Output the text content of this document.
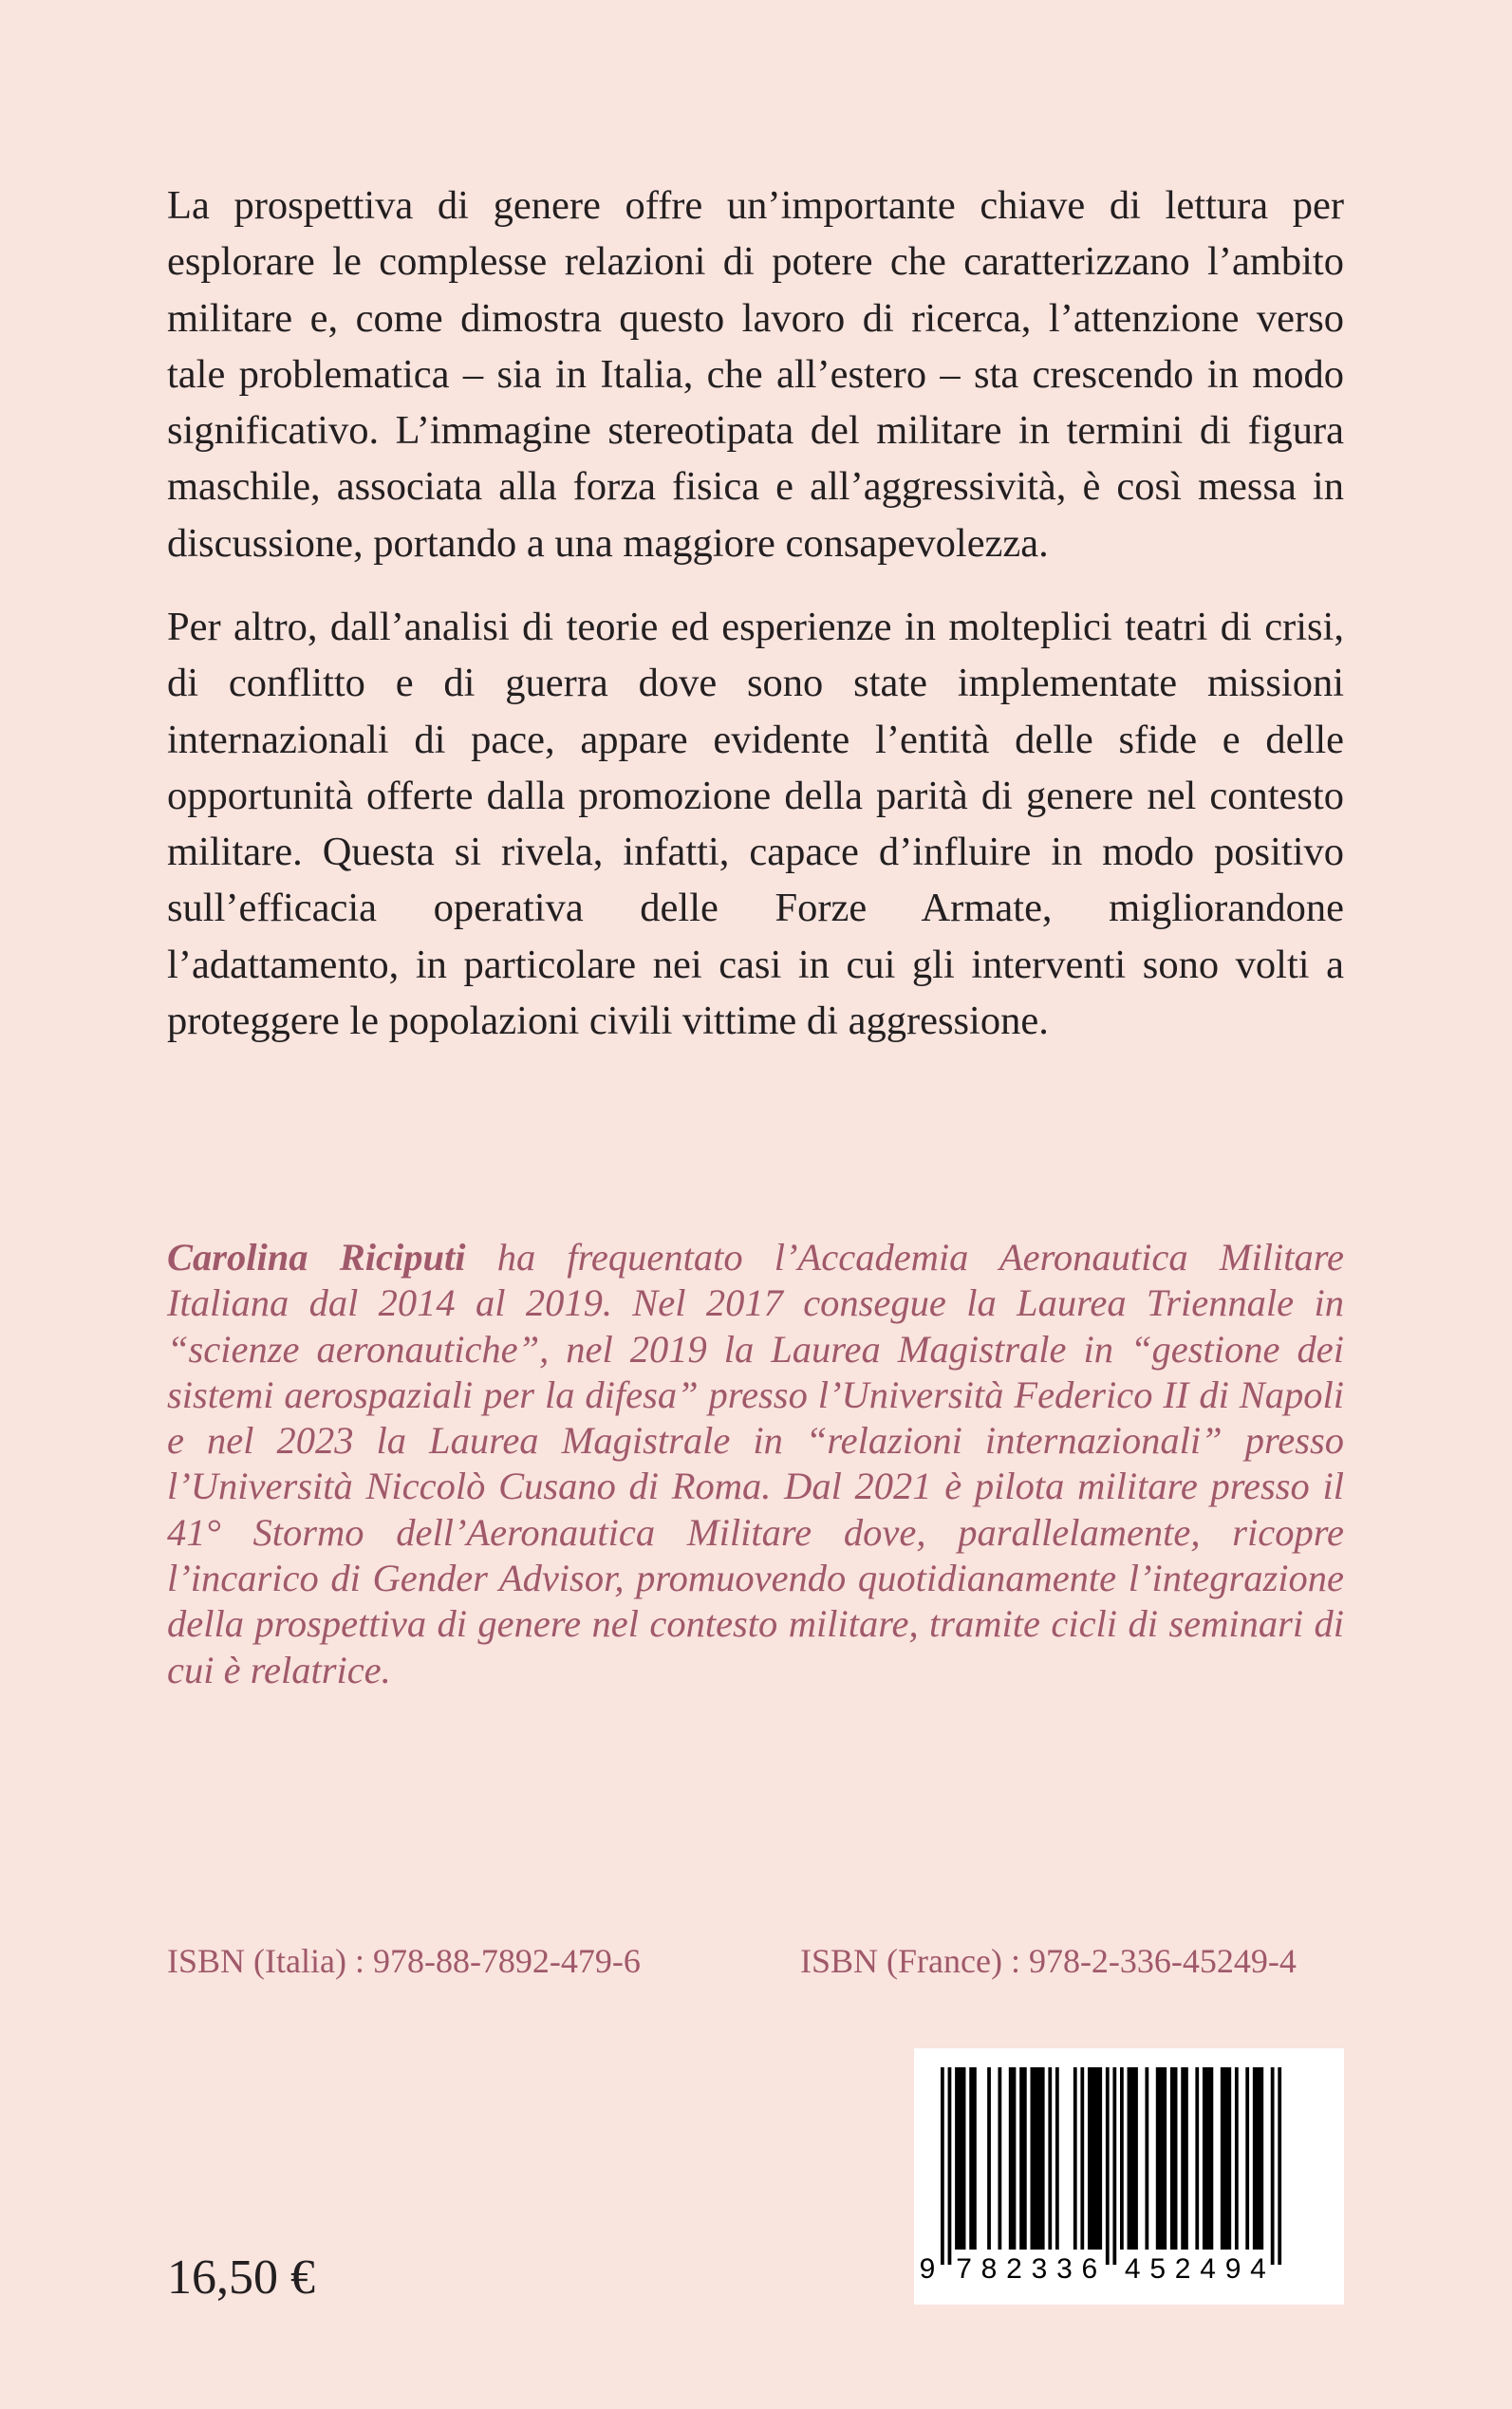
La prospettiva di genere offre un’importante chiave di lettura per esplorare le complesse relazioni di potere che caratterizzano l’ambito militare e, come dimostra questo lavoro di ricerca, l’attenzione verso tale problematica – sia in Italia, che all’estero – sta crescendo in modo significativo. L’immagine stereotipata del militare in termini di figura maschile, associata alla forza fisica e all’aggressività, è così messa in discussione, portando a una maggiore consapevolezza.

Per altro, dall’analisi di teorie ed esperienze in molteplici teatri di crisi, di conflitto e di guerra dove sono state implementate missioni internazionali di pace, appare evidente l’entità delle sfide e delle opportunità offerte dalla promozione della parità di genere nel contesto militare. Questa si rivela, infatti, capace d’influire in modo positivo sull’efficacia operativa delle Forze Armate, migliorandone l’adattamento, in particolare nei casi in cui gli interventi sono volti a proteggere le popolazioni civili vittime di aggressione.

Carolina Riciputi ha frequentato l’Accademia Aeronautica Militare Italiana dal 2014 al 2019. Nel 2017 consegue la Laurea Triennale in “scienze aeronautiche”, nel 2019 la Laurea Magistrale in “gestione dei sistemi aerospaziali per la difesa” presso l’Università Federico II di Napoli e nel 2023 la Laurea Magistrale in “relazioni internazionali” presso l’Università Niccolò Cusano di Roma. Dal 2021 è pilota militare presso il 41° Stormo dell’Aeronautica Militare dove, parallelamente, ricopre l’incarico di Gender Advisor, promuovendo quotidianamente l’integrazione della prospettiva di genere nel contesto militare, tramite cicli di seminari di cui è relatrice.

ISBN (Italia) : 978-88-7892-479-6	ISBN (France) : 978-2-336-45249-4
9 7 8 2 3 3 6 4 5 2 4 9 4
16,50 €
